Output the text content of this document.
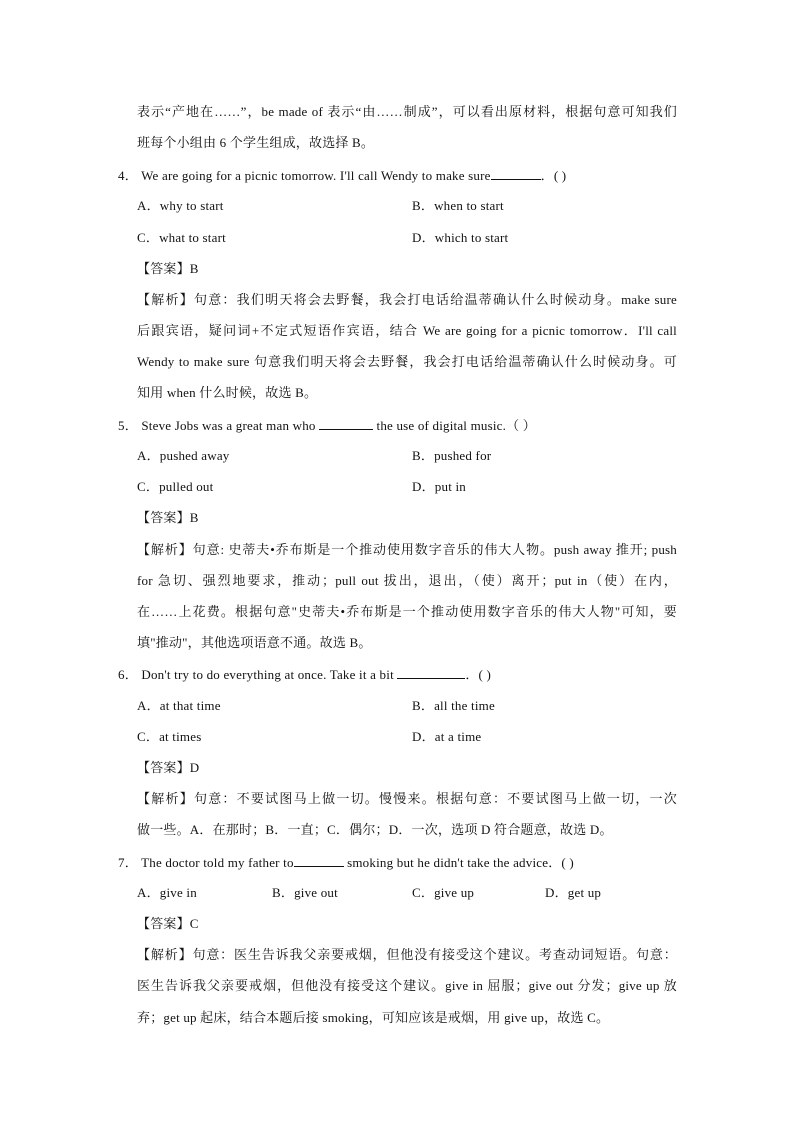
表示“产地在……”，be made of 表示“由……制成”，可以看出原材料，根据句意可知我们
班每个小组由 6 个学生组成，故选择 B。
4． We are going for a picnic tomorrow. I'll call Wendy to make sure	．( )
A．why to start	B．when to start
C．what to start	D．which to start
【答案】B
【解析】句意：我们明天将会去野餐，我会打电话给温蒂确认什么时候动身。make sure
后跟宾语，疑问词+不定式短语作宾语，结合 We are going for a picnic tomorrow．I'll call
Wendy to make sure 句意我们明天将会去野餐，我会打电话给温蒂确认什么时候动身。可
知用 when 什么时候，故选 B。
5． Steve Jobs was a great man who	the use of digital music.（ ）
A．pushed away	B．pushed for
C．pulled out	D．put in
【答案】B
【解析】句意: 史蒂夫•乔布斯是一个推动使用数字音乐的伟大人物。push away 推开; push
for 急切、强烈地要求，推动；pull out 拔出，退出，（使）离开；put in（使）在内，
在……上花费。根据句意"史蒂夫•乔布斯是一个推动使用数字音乐的伟大人物"可知，要
填"推动"，其他选项语意不通。故选 B。
6． Don't try to do everything at once. Take it a bit	．( )
A．at that time	B．all the time
C．at times	D．at a time
【答案】D
【解析】句意：不要试图马上做一切。慢慢来。根据句意：不要试图马上做一切，一次
做一些。A．在那时；B．一直；C．偶尔；D．一次，选项 D 符合题意，故选 D。
7． The doctor told my father to	smoking but he didn't take the advice．( )
A．give in	B．give out	C．give up	D．get up
【答案】C
【解析】句意：医生告诉我父亲要戒烟，但他没有接受这个建议。考查动词短语。句意：
医生告诉我父亲要戒烟，但他没有接受这个建议。give in 屈服；give out 分发；give up 放
弃；get up 起床，结合本题后接 smoking，可知应该是戒烟，用 give up，故选 C。
